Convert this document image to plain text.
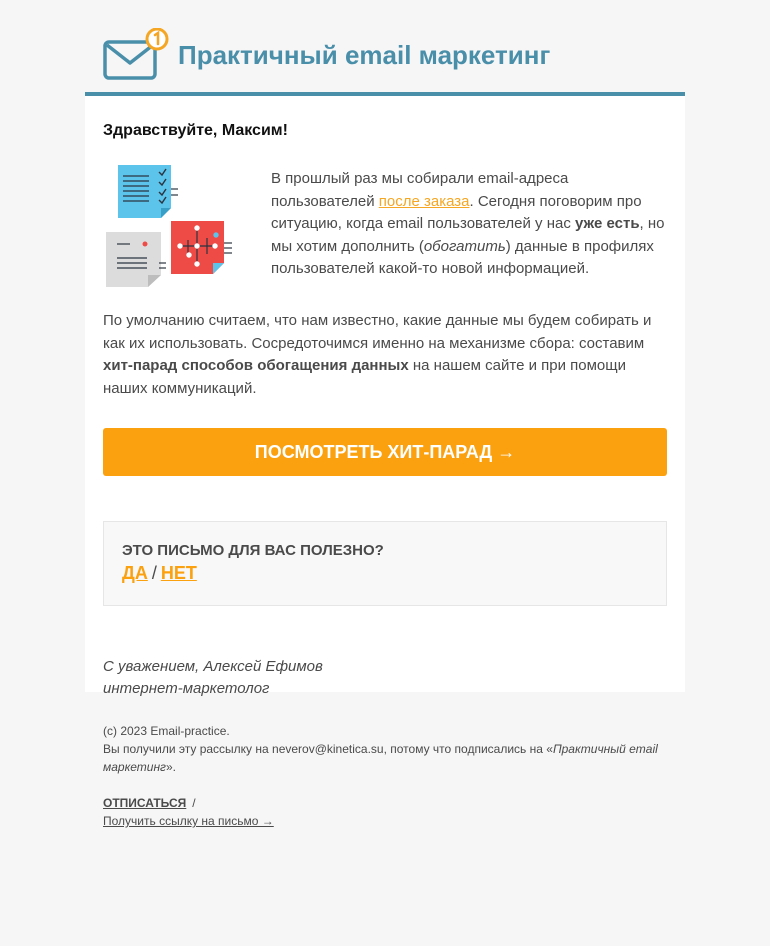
Практичный email маркетинг

Здравствуйте, Максим!

В прошлый раз мы собирали email-адреса пользователей после заказа. Сегодня поговорим про ситуацию, когда email пользователей у нас уже есть, но мы хотим дополнить (обогатить) данные в профилях пользователей какой-то новой информацией.

По умолчанию считаем, что нам известно, какие данные мы будем собирать и как их использовать. Сосредоточимся именно на механизме сбора: составим хит-парад способов обогащения данных на нашем сайте и при помощи наших коммуникаций.

ПОСМОТРЕТЬ ХИТ-ПАРАД →
ЭТО ПИСЬМО ДЛЯ ВАС ПОЛЕЗНО?
ДА / НЕТ
С уважением, Алексей Ефимов
интернет-маркетолог
(с) 2023 Email-practice.
Вы получили эту рассылку на neverov@kinetica.su, потому что подписались на «Практичный email маркетинг».
ОТПИСАТЬСЯ /
Получить ссылку на письмо →
